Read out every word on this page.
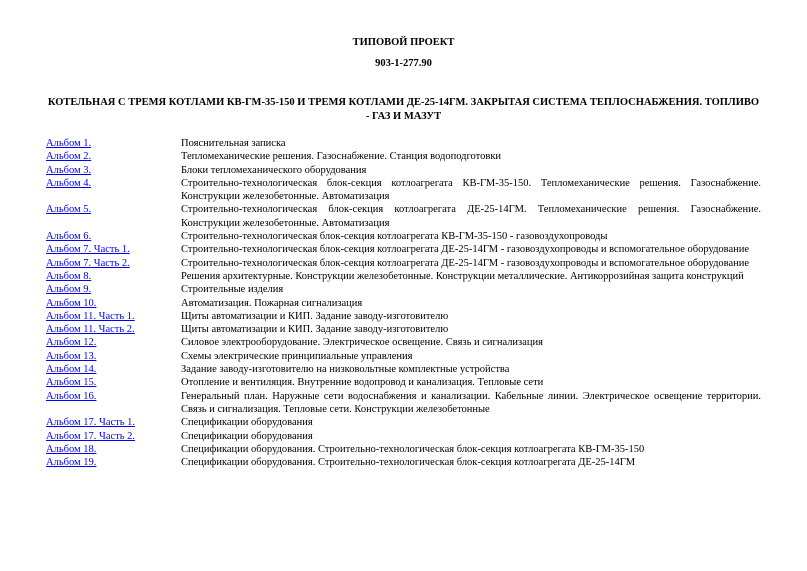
ТИПОВОЙ ПРОЕКТ
903-1-277.90
КОТЕЛЬНАЯ С ТРЕМЯ КОТЛАМИ КВ-ГМ-35-150 И ТРЕМЯ КОТЛАМИ ДЕ-25-14ГМ. ЗАКРЫТАЯ СИСТЕМА ТЕПЛОСНАБЖЕНИЯ. ТОПЛИВО - ГАЗ И МАЗУТ
Альбом 1.	Пояснительная записка
Альбом 2.	Тепломеханические решения. Газоснабжение. Станция водоподготовки
Альбом 3.	Блоки тепломеханического оборудования
Альбом 4.	Строительно-технологическая блок-секция котлоагрегата КВ-ГМ-35-150. Тепломеханические решения. Газоснабжение. Конструкции железобетонные. Автоматизация
Альбом 5.	Строительно-технологическая блок-секция котлоагрегата ДЕ-25-14ГМ. Тепломеханические решения. Газоснабжение. Конструкции железобетонные. Автоматизация
Альбом 6.	Строительно-технологическая блок-секция котлоагрегата КВ-ГМ-35-150 - газовоздухопроводы
Альбом 7. Часть 1.	Строительно-технологическая блок-секция котлоагрегата ДЕ-25-14ГМ - газовоздухопроводы и вспомогательное оборудование
Альбом 7. Часть 2.	Строительно-технологическая блок-секция котлоагрегата ДЕ-25-14ГМ - газовоздухопроводы и вспомогательное оборудование
Альбом 8.	Решения архитектурные. Конструкции железобетонные. Конструкции металлические. Антикоррозийная защита конструкций
Альбом 9.	Строительные изделия
Альбом 10.	Автоматизация. Пожарная сигнализация
Альбом 11. Часть 1.	Щиты автоматизации и КИП. Задание заводу-изготовителю
Альбом 11. Часть 2.	Щиты автоматизации и КИП. Задание заводу-изготовителю
Альбом 12.	Силовое электрооборудование. Электрическое освещение. Связь и сигнализация
Альбом 13.	Схемы электрические принципиальные управления
Альбом 14.	Задание заводу-изготовителю на низковольтные комплектные устройства
Альбом 15.	Отопление и вентиляция. Внутренние водопровод и канализация. Тепловые сети
Альбом 16.	Генеральный план. Наружные сети водоснабжения и канализации. Кабельные линии. Электрическое освещение территории. Связь и сигнализация. Тепловые сети. Конструкции железобетонные
Альбом 17. Часть 1.	Спецификации оборудования
Альбом 17. Часть 2.	Спецификации оборудования
Альбом 18.	Спецификации оборудования. Строительно-технологическая блок-секция котлоагрегата КВ-ГМ-35-150
Альбом 19.	Спецификации оборудования. Строительно-технологическая блок-секция котлоагрегата ДЕ-25-14ГМ
